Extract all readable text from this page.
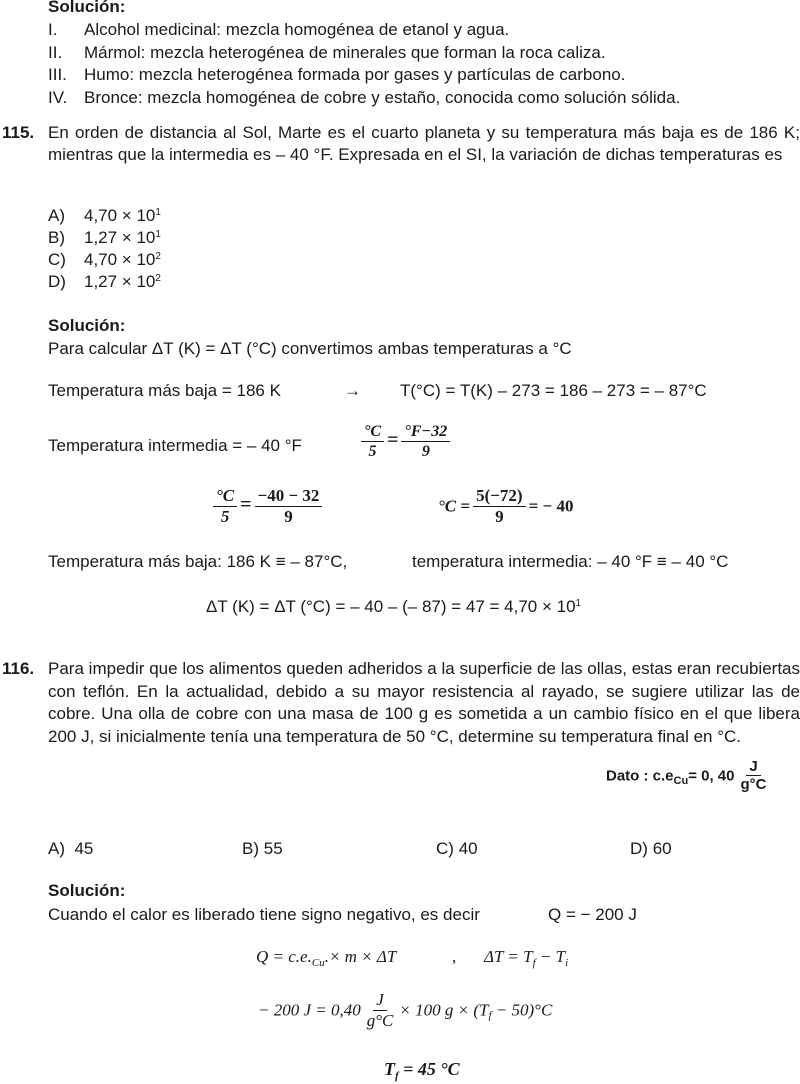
Solución:
I. Alcohol medicinal: mezcla homogénea de etanol y agua.
II. Mármol: mezcla heterogénea de minerales que forman la roca caliza.
III. Humo: mezcla heterogénea formada por gases y partículas de carbono.
IV. Bronce: mezcla homogénea de cobre y estaño, conocida como solución sólida.
115. En orden de distancia al Sol, Marte es el cuarto planeta y su temperatura más baja es de 186 K; mientras que la intermedia es – 40 °F. Expresada en el SI, la variación de dichas temperaturas es
A) $4,70 \times 10^1$
B) $1,27 \times 10^1$
C) $4,70 \times 10^2$
D) $1,27 \times 10^2$
Solución:
Para calcular ΔT (K) = ΔT (°C) convertimos ambas temperaturas a °C
Temperatura más baja = 186 K	→ T(°C) = T(K) – 273 = 186 – 273 = – 87°C
Temperatura intermedia = – 40 °F	$\frac{^\circ C}{5} = \frac{^\circ F-32}{9}$
$\frac{^\circ C}{5} = \frac{-40 - 32}{9}$	$^\circ C = \frac{5(-72)}{9}$ = − 40
Temperatura más baja: 186 K ≡ – 87°C,	temperatura intermedia: – 40 °F ≡ – 40 °C
ΔT (K) = ΔT (°C) = – 40 – (– $87) = 47 = 4,70 \times 10^1$
116. Para impedir que los alimentos queden adheridos a la superficie de las ollas, estas eran recubiertas con teflón. En la actualidad, debido a su mayor resistencia al rayado, se sugiere utilizar las de cobre. Una olla de cobre con una masa de 100 g es sometida a un cambio físico en el que libera 200 J, si inicialmente tenía una temperatura de 50 °C, determine su temperatura final en °C.
Dato : $c.e_{Cu}= 0$, $40 \frac{J}{g^\circ C}$
A) 45	B) 55	C) 40	D) 60
Solución:
Cuando el calor es liberado tiene signo negativo, es decir	Q = − 200 J
$Q = c.e._{Cu}.\times m \times \Delta T$	, $\Delta T = T_f - T_i$
− 200 $J = 0,40 \frac{J}{g^\circ C} \times 100$ $g \times (T_f - 50)^\circ C$
$T_f = 45$ °C
